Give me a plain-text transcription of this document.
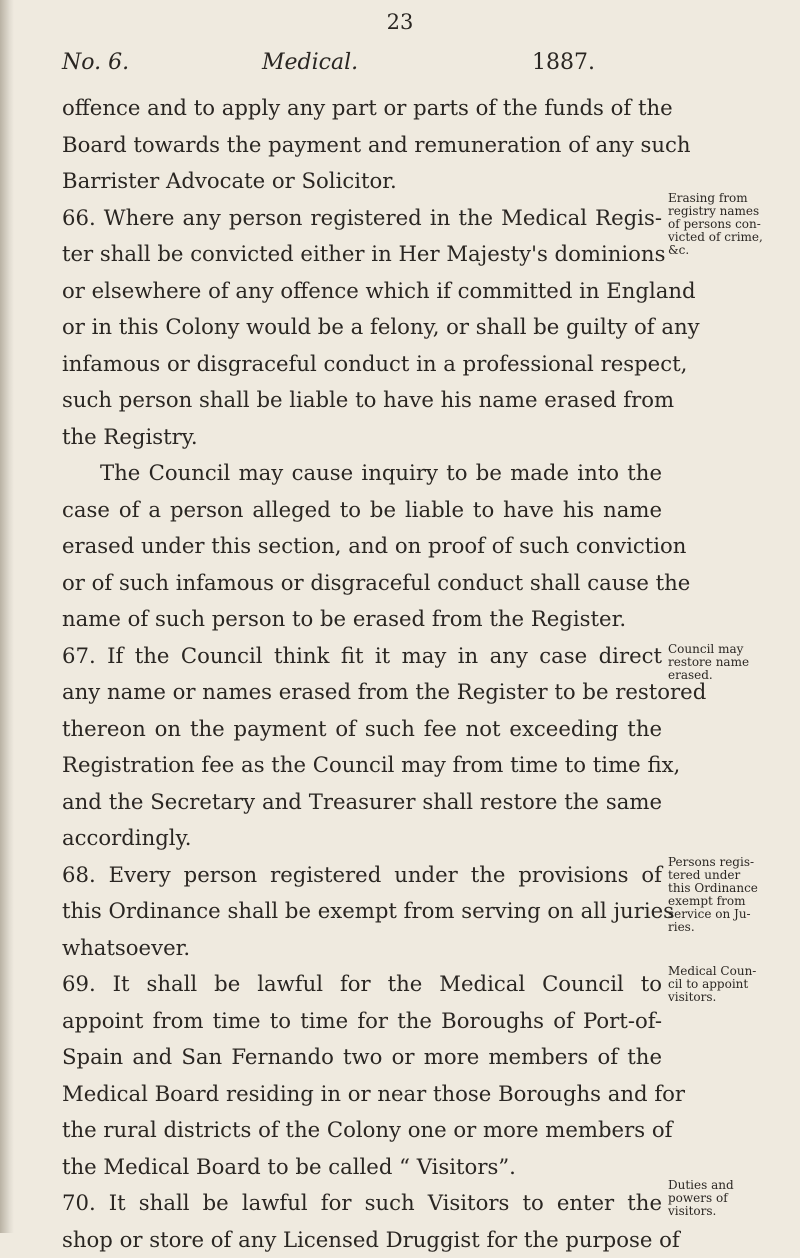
23
No. 6.	Medical.	1887.
offence and to apply any part or parts of the funds of the
Board towards the payment and remuneration of any such
Barrister Advocate or Solicitor.
66. Where any person registered in the Medical Regis-
ter shall be convicted either in Her Majesty's dominions
or elsewhere of any offence which if committed in England
or in this Colony would be a felony, or shall be guilty of any
infamous or disgraceful conduct in a professional respect,
such person shall be liable to have his name erased from
the Registry.
The Council may cause inquiry to be made into the
case of a person alleged to be liable to have his name
erased under this section, and on proof of such conviction
or of such infamous or disgraceful conduct shall cause the
name of such person to be erased from the Register.
67. If the Council think fit it may in any case direct
any name or names erased from the Register to be restored
thereon on the payment of such fee not exceeding the
Registration fee as the Council may from time to time fix,
and the Secretary and Treasurer shall restore the same
accordingly.
68. Every person registered under the provisions of
this Ordinance shall be exempt from serving on all juries
whatsoever.
69. It shall be lawful for the Medical Council to
appoint from time to time for the Boroughs of Port-of-
Spain and San Fernando two or more members of the
Medical Board residing in or near those Boroughs and for
the rural districts of the Colony one or more members of
the Medical Board to be called “ Visitors”.
70. It shall be lawful for such Visitors to enter the
shop or store of any Licensed Druggist for the purpose of
Erasing from
registry names
of persons con-
victed of crime,
&c.
Council may
restore name
erased.
Persons regis-
tered under
this Ordinance
exempt from
service on Ju-
ries.
Medical Coun-
cil to appoint
visitors.
Duties and
powers of
visitors.
